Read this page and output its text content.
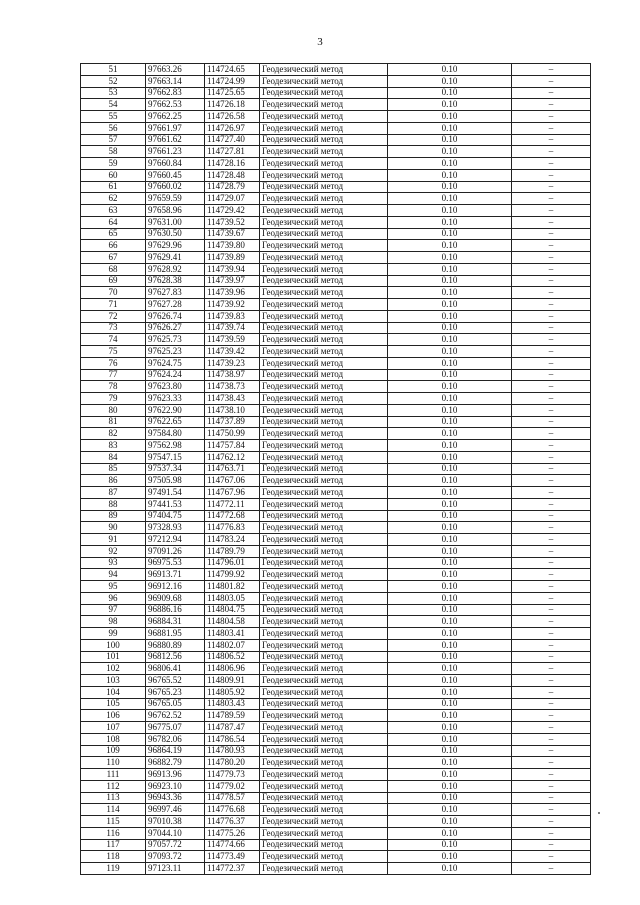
3
51	97663.26	114724.65	Геодезический метод	0.10	–
52	97663.14	114724.99	Геодезический метод	0.10	–
53	97662.83	114725.65	Геодезический метод	0.10	–
54	97662.53	114726.18	Геодезический метод	0.10	–
55	97662.25	114726.58	Геодезический метод	0.10	–
56	97661.97	114726.97	Геодезический метод	0.10	–
57	97661.62	114727.40	Геодезический метод	0.10	–
58	97661.23	114727.81	Геодезический метод	0.10	–
59	97660.84	114728.16	Геодезический метод	0.10	–
60	97660.45	114728.48	Геодезический метод	0.10	–
61	97660.02	114728.79	Геодезический метод	0.10	–
62	97659.59	114729.07	Геодезический метод	0.10	–
63	97658.96	114729.42	Геодезический метод	0.10	–
64	97631.00	114739.52	Геодезический метод	0.10	–
65	97630.50	114739.67	Геодезический метод	0.10	–
66	97629.96	114739.80	Геодезический метод	0.10	–
67	97629.41	114739.89	Геодезический метод	0.10	–
68	97628.92	114739.94	Геодезический метод	0.10	–
69	97628.38	114739.97	Геодезический метод	0.10	–
70	97627.83	114739.96	Геодезический метод	0.10	–
71	97627.28	114739.92	Геодезический метод	0.10	–
72	97626.74	114739.83	Геодезический метод	0.10	–
73	97626.27	114739.74	Геодезический метод	0.10	–
74	97625.73	114739.59	Геодезический метод	0.10	–
75	97625.23	114739.42	Геодезический метод	0.10	–
76	97624.75	114739.23	Геодезический метод	0.10	–
77	97624.24	114738.97	Геодезический метод	0.10	–
78	97623.80	114738.73	Геодезический метод	0.10	–
79	97623.33	114738.43	Геодезический метод	0.10	–
80	97622.90	114738.10	Геодезический метод	0.10	–
81	97622.65	114737.89	Геодезический метод	0.10	–
82	97584.80	114750.99	Геодезический метод	0.10	–
83	97562.98	114757.84	Геодезический метод	0.10	–
84	97547.15	114762.12	Геодезический метод	0.10	–
85	97537.34	114763.71	Геодезический метод	0.10	–
86	97505.98	114767.06	Геодезический метод	0.10	–
87	97491.54	114767.96	Геодезический метод	0.10	–
88	97441.53	114772.11	Геодезический метод	0.10	–
89	97404.75	114772.68	Геодезический метод	0.10	–
90	97328.93	114776.83	Геодезический метод	0.10	–
91	97212.94	114783.24	Геодезический метод	0.10	–
92	97091.26	114789.79	Геодезический метод	0.10	–
93	96975.53	114796.01	Геодезический метод	0.10	–
94	96913.71	114799.92	Геодезический метод	0.10	–
95	96912.16	114801.82	Геодезический метод	0.10	–
96	96909.68	114803.05	Геодезический метод	0.10	–
97	96886.16	114804.75	Геодезический метод	0.10	–
98	96884.31	114804.58	Геодезический метод	0.10	–
99	96881.95	114803.41	Геодезический метод	0.10	–
100	96880.89	114802.07	Геодезический метод	0.10	–
101	96812.56	114806.52	Геодезический метод	0.10	–
102	96806.41	114806.96	Геодезический метод	0.10	–
103	96765.52	114809.91	Геодезический метод	0.10	–
104	96765.23	114805.92	Геодезический метод	0.10	–
105	96765.05	114803.43	Геодезический метод	0.10	–
106	96762.52	114789.59	Геодезический метод	0.10	–
107	96775.07	114787.47	Геодезический метод	0.10	–
108	96782.06	114786.54	Геодезический метод	0.10	–
109	96864.19	114780.93	Геодезический метод	0.10	–
110	96882.79	114780.20	Геодезический метод	0.10	–
111	96913.96	114779.73	Геодезический метод	0.10	–
112	96923.10	114779.02	Геодезический метод	0.10	–
113	96943.36	114778.57	Геодезический метод	0.10	–
114	96997.46	114776.68	Геодезический метод	0.10	–
115	97010.38	114776.37	Геодезический метод	0.10	–
116	97044.10	114775.26	Геодезический метод	0.10	–
117	97057.72	114774.66	Геодезический метод	0.10	–
118	97093.72	114773.49	Геодезический метод	0.10	–
119	97123.11	114772.37	Геодезический метод	0.10	–
